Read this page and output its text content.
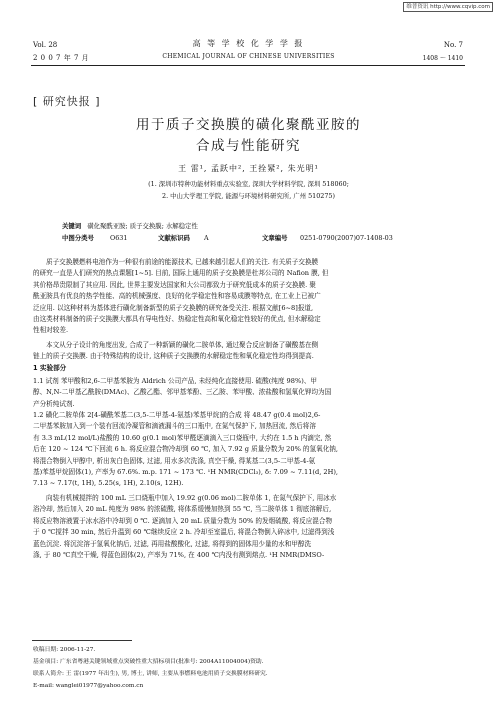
维普资讯 http://www.cqvip.com
Vol. 28
2 0 0 7 年 7 月
高 等 学 校 化 学 学 报
CHEMICAL JOURNAL OF CHINESE UNIVERSITIES
No. 7
1408 ～ 1410
[ 研究快报 ]
用于质子交换膜的磺化聚酰亚胺的
合成与性能研究
王 雷¹, 孟跃中², 王拴紧², 朱光明¹
(1. 深圳市特种功能材料重点实验室, 深圳大学材料学院, 深圳 518060;
2. 中山大学理工学院, 能源与环境材料研究所, 广州 510275)
关键词 磺化聚酰亚胺; 质子交换膜; 水解稳定性
中图分类号	O631	文献标识码 A	文章编号 0251-0790(2007)07-1408-03
质子交换膜燃料电池作为一种很有前途的能源技术, 已越来越引起人们的关注. 有关质子交换膜
的研究一直是人们研究的热点课题[1~5]. 目前, 国际上通用的质子交换膜是杜邦公司的 Nafion 膜, 但
其价格昂贵限制了其应用. 因此, 世界主要发达国家和大公司都致力于研究低成本的质子交换膜. 聚
酰亚胺具有优良的热学性能、高的机械强度、良好的化学稳定性和容易成膜等特点, 在工业上已被广
泛应用. 以这种材料为基体进行磺化制备新型的质子交换膜的研究备受关注. 根据文献[6~8]报道,
由这类材料制备的质子交换膜大都具有导电性好、热稳定性高和氧化稳定性较好的优点, 但水解稳定
性相对较差.
本文从分子设计的角度出发, 合成了一种新颖的磺化二胺单体, 通过聚合反应制备了磺酸基在侧
链上的质子交换膜. 由于特殊结构的设计, 这种质子交换膜的水解稳定性和氧化稳定性均得到提高.
1 实验部分
1.1 试剂 苯甲酸和2,6-二甲基苯胺为 Aldrich 公司产品, 未经纯化直接使用. 硫酸(纯度 98%)、甲
醇、N,N-二甲基乙酰胺(DMAc)、乙酸乙酯、邻甲基苯酚、三乙胺、苯甲酸、浓盐酸和氢氧化钾均为国
产分析纯试剂.
1.2 磺化二胺单体 2[4-磺酰苯基二(3,5-二甲基-4-氨基)苯基甲烷]的合成 将 48.47 g(0.4 mol)2,6-
二甲基苯胺加入到一个装有回流冷凝管和滴液漏斗的三口瓶中, 在氮气保护下, 加热回流, 然后将溶
有 3.3 mL(12 mol/L)盐酸的 10.60 g(0.1 mol)苯甲醛逐滴滴入三口烧瓶中, 大约在 1.5 h 内滴完, 然
后在 120 ~ 124 ℃下回流 6 h. 将反应混合物冷却到 60 ℃, 加入 7.92 g 质量分数为 20% 的氢氧化钠,
将混合物倒入甲醇中, 析出灰白色固体, 过滤, 用水多次洗涤, 真空干燥, 得某基二(3,5-二甲基-4-氨
基)苯基甲烷固体(1), 产率为 67.6%. m.p. 171 ~ 173 ℃. ¹H NMR(CDCl₃), δ: 7.09 ~ 7.11(d, 2H),
7.13 ~ 7.17(t, 1H), 5.25(s, 1H), 2.10(s, 12H).
向装有机械搅拌的 100 mL 三口烧瓶中加入 19.92 g(0.06 mol)二胺单体 1, 在氮气保护下, 用冰水
浴冷却, 然后加入 20 mL 纯度为 98% 的浓硫酸, 将体系缓慢加热到 55 ℃, 当二胺单体 1 彻底溶解后,
将反应物溶液置于冰水浴中冷却到 0 ℃. 逐滴加入 20 mL 质量分数为 50% 的发烟硫酸, 将反应混合物
于 0 ℃搅拌 30 min, 然后升温到 60 ℃继续反应 2 h. 冷却至室温后, 将混合物倒入碎冰中, 过滤得到浅
蓝色沉淀. 将沉淀溶于氢氧化钠后, 过滤, 再用盐酸酸化, 过滤, 将得到的固体用少量的水和甲醇洗
涤, 于 80 ℃真空干燥, 得蓝色固体(2), 产率为 71%, 在 400 ℃内没有测到熔点. ¹H NMR(DMSO-
收稿日期: 2006-11-27.
基金项目: 广东省粤港关键领域重点突破性重大招标项目(批准号: 2004A11004004)资助.
联系人简介: 王 雷(1977 年出生), 男, 博士, 讲师, 主要从事燃料电池用质子交换膜材料研究.
E-mail: wanglei01977@yahoo.com.cn
